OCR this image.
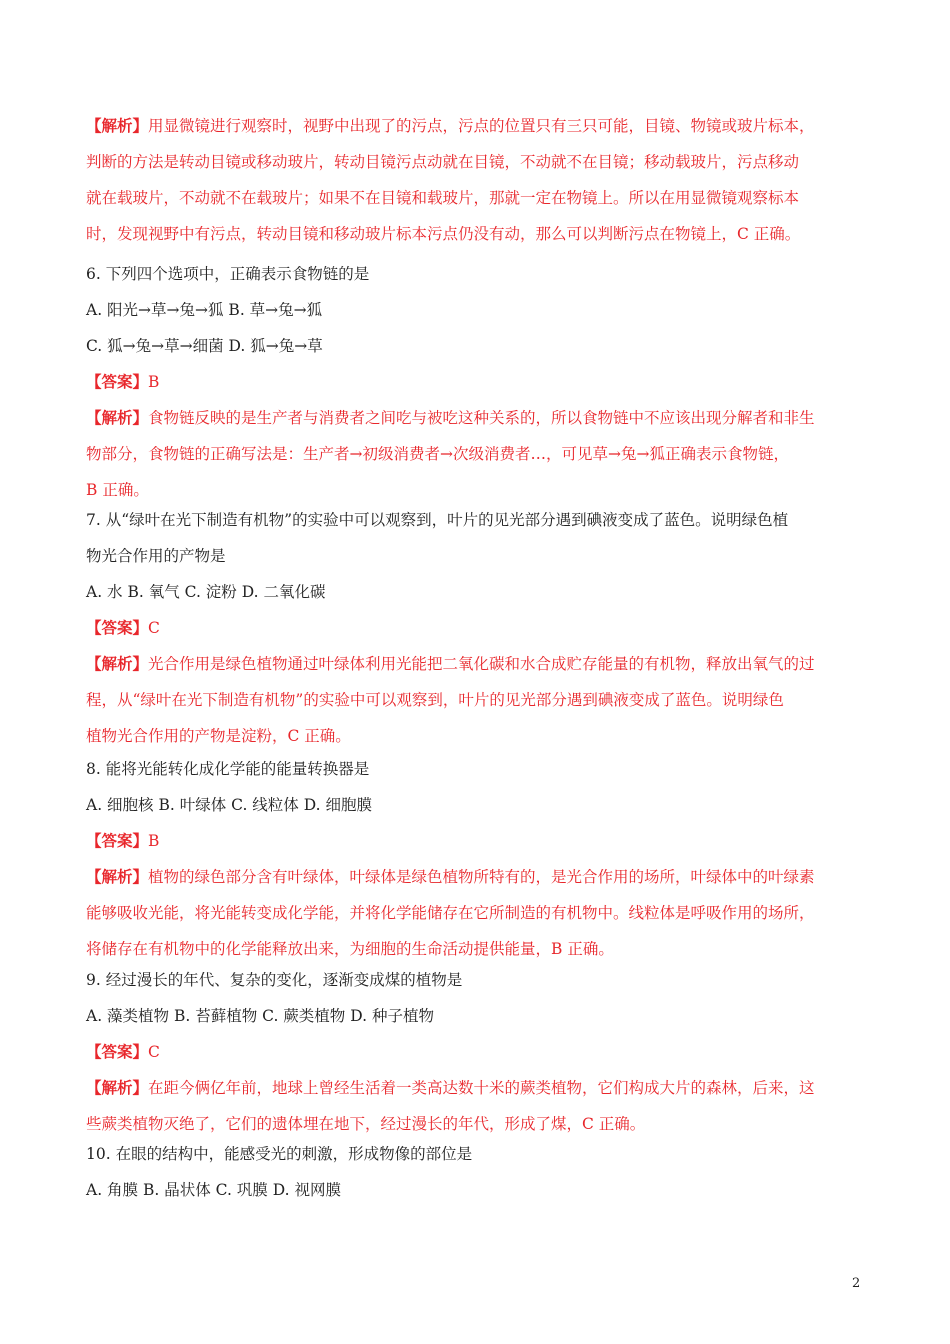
【解析】用显微镜进行观察时，视野中出现了的污点，污点的位置只有三只可能，目镜、物镜或玻片标本，
判断的方法是转动目镜或移动玻片，转动目镜污点动就在目镜，不动就不在目镜；移动载玻片，污点移动
就在载玻片，不动就不在载玻片；如果不在目镜和载玻片，那就一定在物镜上。所以在用显微镜观察标本
时，发现视野中有污点，转动目镜和移动玻片标本污点仍没有动，那么可以判断污点在物镜上，C 正确。
6. 下列四个选项中，正确表示食物链的是
A. 阳光→草→兔→狐 B. 草→兔→狐
C. 狐→兔→草→细菌 D. 狐→兔→草
【答案】B
【解析】食物链反映的是生产者与消费者之间吃与被吃这种关系的，所以食物链中不应该出现分解者和非生
物部分，食物链的正确写法是：生产者→初级消费者→次级消费者…，可见草→兔→狐正确表示食物链，
B 正确。
7. 从“绿叶在光下制造有机物”的实验中可以观察到，叶片的见光部分遇到碘液变成了蓝色。说明绿色植
物光合作用的产物是
A. 水 B. 氧气 C. 淀粉 D. 二氧化碳
【答案】C
【解析】光合作用是绿色植物通过叶绿体利用光能把二氧化碳和水合成贮存能量的有机物，释放出氧气的过
程，从“绿叶在光下制造有机物”的实验中可以观察到，叶片的见光部分遇到碘液变成了蓝色。说明绿色
植物光合作用的产物是淀粉，C 正确。
8. 能将光能转化成化学能的能量转换器是
A. 细胞核 B. 叶绿体 C. 线粒体 D. 细胞膜
【答案】B
【解析】植物的绿色部分含有叶绿体，叶绿体是绿色植物所特有的，是光合作用的场所，叶绿体中的叶绿素
能够吸收光能，将光能转变成化学能，并将化学能储存在它所制造的有机物中。线粒体是呼吸作用的场所，
将储存在有机物中的化学能释放出来，为细胞的生命活动提供能量，B 正确。
9. 经过漫长的年代、复杂的变化，逐渐变成煤的植物是
A. 藻类植物 B. 苔藓植物 C. 蕨类植物 D. 种子植物
【答案】C
【解析】在距今俩亿年前，地球上曾经生活着一类高达数十米的蕨类植物，它们构成大片的森林，后来，这
些蕨类植物灭绝了，它们的遗体埋在地下，经过漫长的年代，形成了煤，C 正确。
10. 在眼的结构中，能感受光的刺激，形成物像的部位是
A. 角膜 B. 晶状体 C. 巩膜 D. 视网膜
2
